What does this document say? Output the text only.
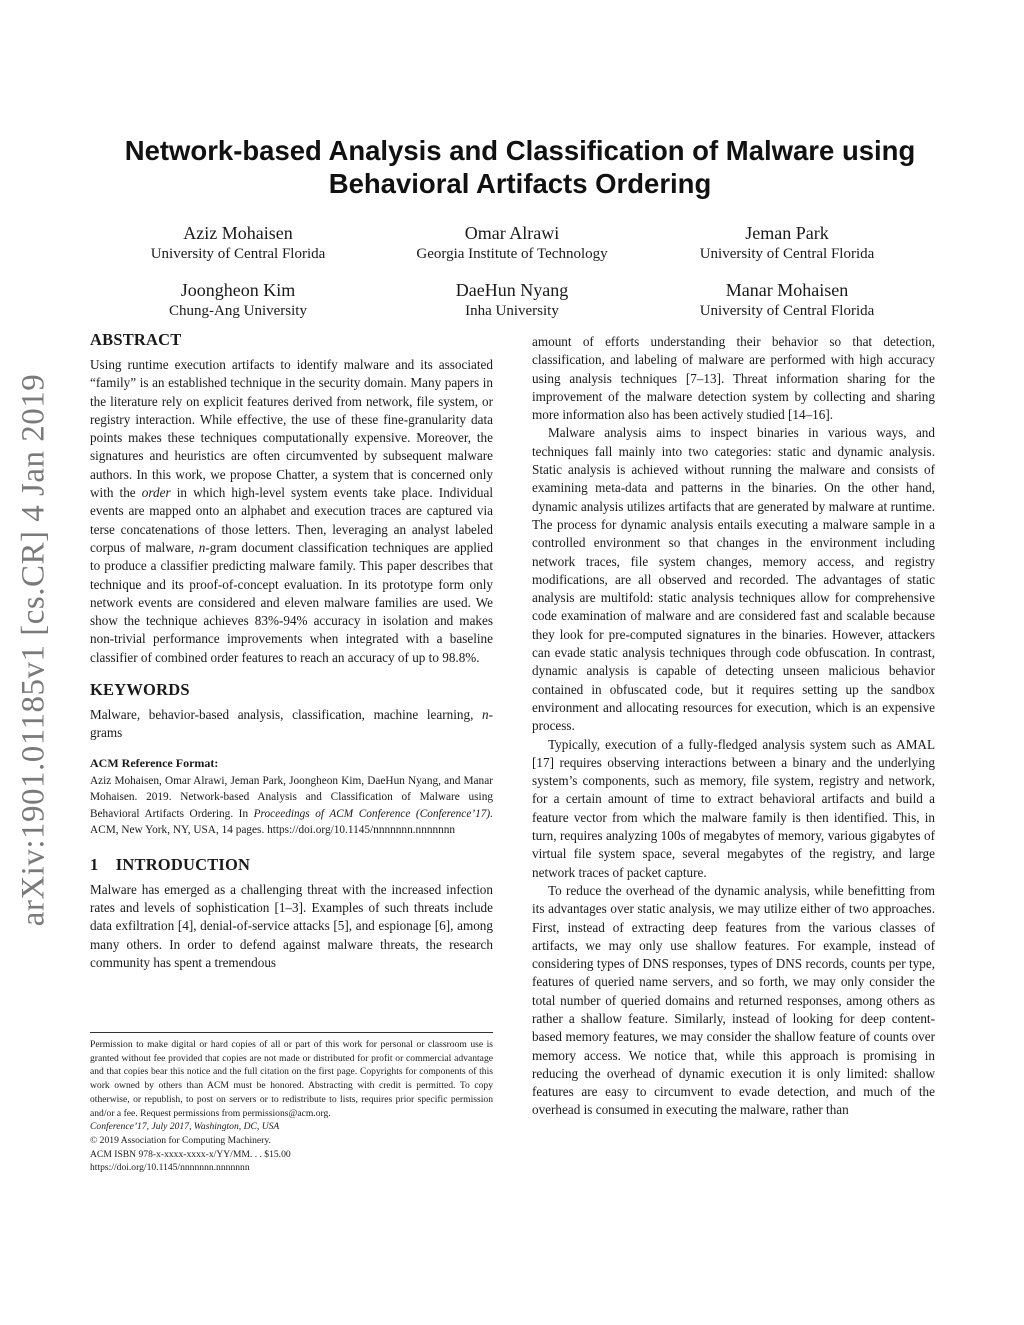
arXiv:1901.01185v1 [cs.CR] 4 Jan 2019
Network-based Analysis and Classification of Malware using
Behavioral Artifacts Ordering
Aziz Mohaisen
University of Central Florida
Omar Alrawi
Georgia Institute of Technology
Jeman Park
University of Central Florida
Joongheon Kim
Chung-Ang University
DaeHun Nyang
Inha University
Manar Mohaisen
University of Central Florida
ABSTRACT

Using runtime execution artifacts to identify malware and its associated “family” is an established technique in the security domain. Many papers in the literature rely on explicit features derived from network, file system, or registry interaction. While effective, the use of these fine-granularity data points makes these techniques computationally expensive. Moreover, the signatures and heuristics are often circumvented by subsequent malware authors. In this work, we propose Chatter, a system that is concerned only with the order in which high-level system events take place. Individual events are mapped onto an alphabet and execution traces are captured via terse concatenations of those letters. Then, leveraging an analyst labeled corpus of malware, n-gram document classification techniques are applied to produce a classifier predicting malware family. This paper describes that technique and its proof-of-concept evaluation. In its prototype form only network events are considered and eleven malware families are used. We show the technique achieves 83%-94% accuracy in isolation and makes non-trivial performance improvements when integrated with a baseline classifier of combined order features to reach an accuracy of up to 98.8%.

KEYWORDS

Malware, behavior-based analysis, classification, machine learning, n-grams

ACM Reference Format:

Aziz Mohaisen, Omar Alrawi, Jeman Park, Joongheon Kim, DaeHun Nyang, and Manar Mohaisen. 2019. Network-based Analysis and Classification of Malware using Behavioral Artifacts Ordering. In Proceedings of ACM Conference (Conference’17). ACM, New York, NY, USA, 14 pages. https://doi.org/10.1145/nnnnnnn.nnnnnnn

1    INTRODUCTION

Malware has emerged as a challenging threat with the increased infection rates and levels of sophistication [1–3]. Examples of such threats include data exfiltration [4], denial-of-service attacks [5], and espionage [6], among many others. In order to defend against malware threats, the research community has spent a tremendous

Permission to make digital or hard copies of all or part of this work for personal or classroom use is granted without fee provided that copies are not made or distributed for profit or commercial advantage and that copies bear this notice and the full citation on the first page. Copyrights for components of this work owned by others than ACM must be honored. Abstracting with credit is permitted. To copy otherwise, or republish, to post on servers or to redistribute to lists, requires prior specific permission and/or a fee. Request permissions from permissions@acm.org.

Conference’17, July 2017, Washington, DC, USA

© 2019 Association for Computing Machinery.

ACM ISBN 978-x-xxxx-xxxx-x/YY/MM. . . $15.00

https://doi.org/10.1145/nnnnnnn.nnnnnnn

amount of efforts understanding their behavior so that detection, classification, and labeling of malware are performed with high accuracy using analysis techniques [7–13]. Threat information sharing for the improvement of the malware detection system by collecting and sharing more information also has been actively studied [14–16].

Malware analysis aims to inspect binaries in various ways, and techniques fall mainly into two categories: static and dynamic analysis. Static analysis is achieved without running the malware and consists of examining meta-data and patterns in the binaries. On the other hand, dynamic analysis utilizes artifacts that are generated by malware at runtime. The process for dynamic analysis entails executing a malware sample in a controlled environment so that changes in the environment including network traces, file system changes, memory access, and registry modifications, are all observed and recorded. The advantages of static analysis are multifold: static analysis techniques allow for comprehensive code examination of malware and are considered fast and scalable because they look for pre-computed signatures in the binaries. However, attackers can evade static analysis techniques through code obfuscation. In contrast, dynamic analysis is capable of detecting unseen malicious behavior contained in obfuscated code, but it requires setting up the sandbox environment and allocating resources for execution, which is an expensive process.

Typically, execution of a fully-fledged analysis system such as AMAL [17] requires observing interactions between a binary and the underlying system’s components, such as memory, file system, registry and network, for a certain amount of time to extract behavioral artifacts and build a feature vector from which the malware family is then identified. This, in turn, requires analyzing 100s of megabytes of memory, various gigabytes of virtual file system space, several megabytes of the registry, and large network traces of packet capture.

To reduce the overhead of the dynamic analysis, while benefitting from its advantages over static analysis, we may utilize either of two approaches. First, instead of extracting deep features from the various classes of artifacts, we may only use shallow features. For example, instead of considering types of DNS responses, types of DNS records, counts per type, features of queried name servers, and so forth, we may only consider the total number of queried domains and returned responses, among others as rather a shallow feature. Similarly, instead of looking for deep content-based memory features, we may consider the shallow feature of counts over memory access. We notice that, while this approach is promising in reducing the overhead of dynamic execution it is only limited: shallow features are easy to circumvent to evade detection, and much of the overhead is consumed in executing the malware, rather than
